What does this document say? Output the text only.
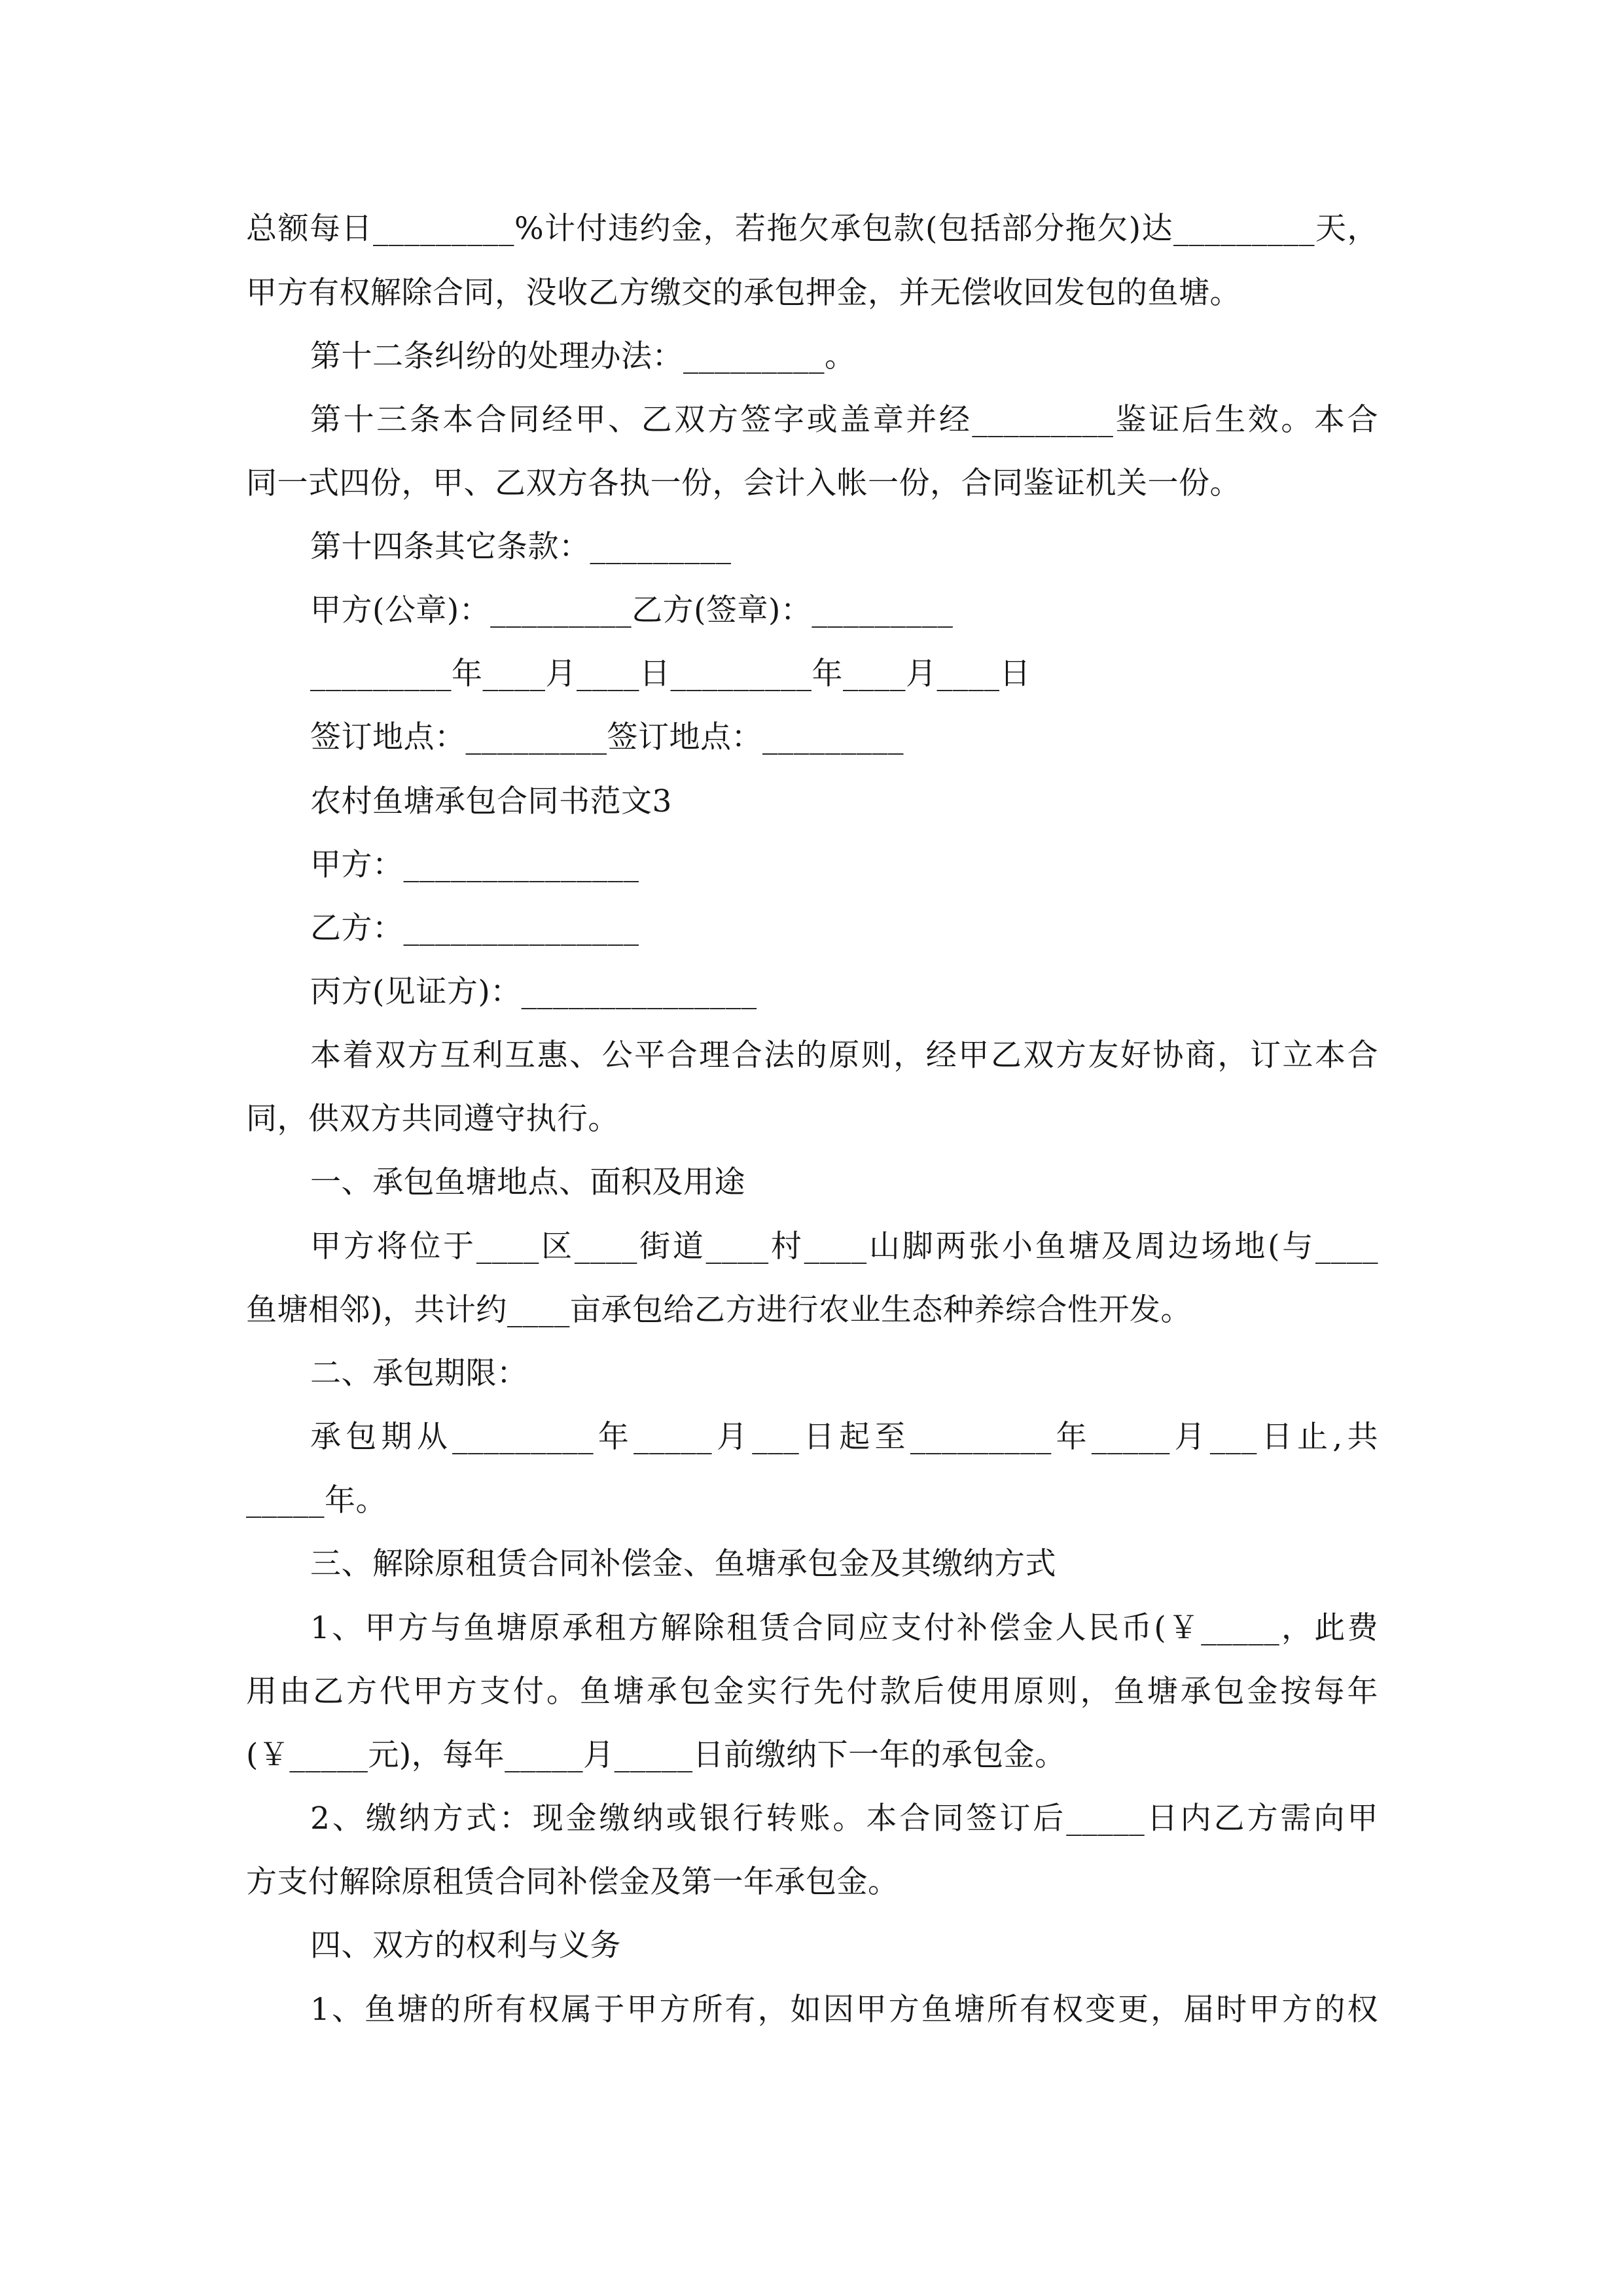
总额每日_________%计付违约金，若拖欠承包款(包括部分拖欠)达_________天，
甲方有权解除合同，没收乙方缴交的承包押金，并无偿收回发包的鱼塘。
第十二条纠纷的处理办法：_________。
第十三条本合同经甲、乙双方签字或盖章并经_________鉴证后生效。本合
同一式四份，甲、乙双方各执一份，会计入帐一份，合同鉴证机关一份。
第十四条其它条款：_________
甲方(公章)：_________乙方(签章)：_________
_________年____月____日_________年____月____日
签订地点：_________签订地点：_________
农村鱼塘承包合同书范文3
甲方：_______________
乙方：_______________
丙方(见证方)：_______________
本着双方互利互惠、公平合理合法的原则，经甲乙双方友好协商，订立本合
同，供双方共同遵守执行。
一、承包鱼塘地点、面积及用途
甲方将位于____区____街道____村____山脚两张小鱼塘及周边场地(与____
鱼塘相邻)，共计约____亩承包给乙方进行农业生态种养综合性开发。
二、承包期限：
承包期从_________年_____月___日起至_________年_____月___日止,共
_____年。
三、解除原租赁合同补偿金、鱼塘承包金及其缴纳方式
1、甲方与鱼塘原承租方解除租赁合同应支付补偿金人民币(￥_____，此费
用由乙方代甲方支付。鱼塘承包金实行先付款后使用原则，鱼塘承包金按每年
(￥_____元)，每年_____月_____日前缴纳下一年的承包金。
2、缴纳方式：现金缴纳或银行转账。本合同签订后_____日内乙方需向甲
方支付解除原租赁合同补偿金及第一年承包金。
四、双方的权利与义务
1、鱼塘的所有权属于甲方所有，如因甲方鱼塘所有权变更，届时甲方的权
